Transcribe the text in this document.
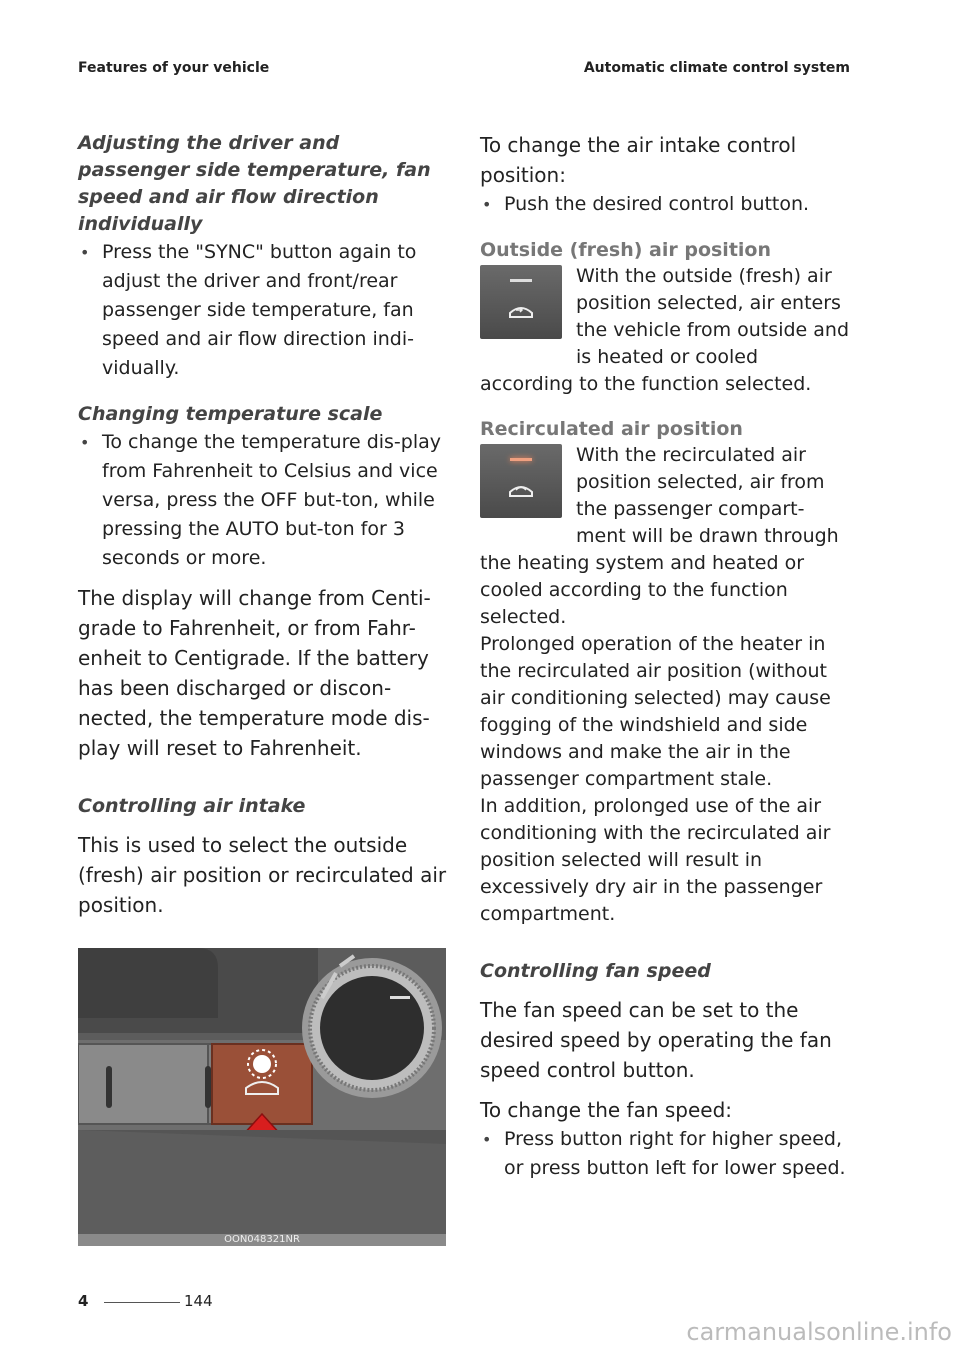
Features of your vehicle	Automatic climate control system
Adjusting the driver and passenger side temperature, fan speed and air flow direction individually
• Press the "SYNC" button again to adjust the driver and front/rear passenger side temperature, fan speed and air flow direction indi-vidually.
Changing temperature scale
• To change the temperature dis-play from Fahrenheit to Celsius and vice versa, press the OFF but-ton, while pressing the AUTO but-ton for 3 seconds or more.

The display will change from Centi-grade to Fahrenheit, or from Fahr-enheit to Centigrade. If the battery has been discharged or discon-nected, the temperature mode dis-play will reset to Fahrenheit.

Controlling air intake

This is used to select the outside (fresh) air position or recirculated air position.

OON048321NR

To change the air intake control position:

• Push the desired control button.
Outside (fresh) air position

With the outside (fresh) air position selected, air enters the vehicle from outside and is heated or cooled according to the function selected.

Recirculated air position

With the recirculated air position selected, air from the passenger compart-ment will be drawn through the heating system and heated or cooled according to the function selected.

Prolonged operation of the heater in the recirculated air position (without air conditioning selected) may cause fogging of the windshield and side windows and make the air in the passenger compartment stale.

In addition, prolonged use of the air conditioning with the recirculated air position selected will result in excessively dry air in the passenger compartment.

Controlling fan speed

The fan speed can be set to the desired speed by operating the fan speed control button.

To change the fan speed:

• Press button right for higher speed, or press button left for lower speed.
4	144
carmanualsonline.info
